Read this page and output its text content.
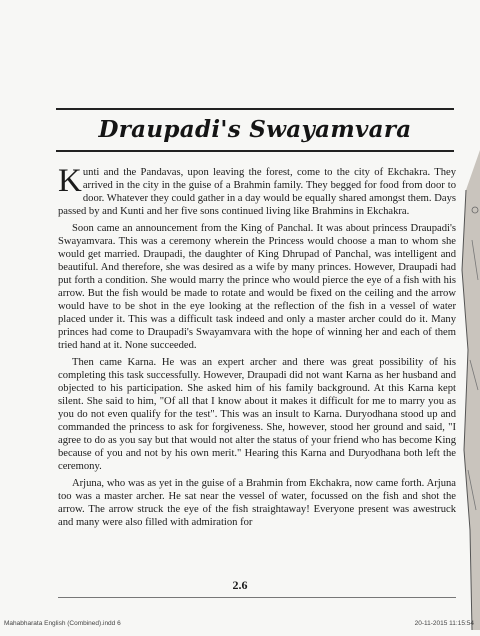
Draupadi's Swayamvara

Kunti and the Pandavas, upon leaving the forest, come to the city of Ekchakra. They arrived in the city in the guise of a Brahmin family. They begged for food from door to door. Whatever they could gather in a day would be equally shared amongst them. Days passed by and Kunti and her five sons continued living like Brahmins in Ekchakra.

Soon came an announcement from the King of Panchal. It was about princess Draupadi's Swayamvara. This was a ceremony wherein the Princess would choose a man to whom she would get married. Draupadi, the daughter of King Dhrupad of Panchal, was intelligent and beautiful. And therefore, she was desired as a wife by many princes. However, Draupadi had put forth a condition. She would marry the prince who would pierce the eye of a fish with his arrow. But the fish would be made to rotate and would be fixed on the ceiling and the arrow would have to be shot in the eye looking at the reflection of the fish in a vessel of water placed under it. This was a difficult task indeed and only a master archer could do it. Many princes had come to Draupadi's Swayamvara with the hope of winning her and each of them tried hand at it. None succeeded.

Then came Karna. He was an expert archer and there was great possibility of his completing this task successfully. However, Draupadi did not want Karna as her husband and objected to his participation. She asked him of his family background. At this Karna kept silent. She said to him, "Of all that I know about it makes it difficult for me to marry you as you do not even qualify for the test". This was an insult to Karna. Duryodhana stood up and commanded the princess to ask for forgiveness. She, however, stood her ground and said, "I agree to do as you say but that would not alter the status of your friend who has become King because of you and not by his own merit." Hearing this Karna and Duryodhana both left the ceremony.

Arjuna, who was as yet in the guise of a Brahmin from Ekchakra, now came forth. Arjuna too was a master archer. He sat near the vessel of water, focussed on the fish and shot the arrow. The arrow struck the eye of the fish straightaway! Everyone present was awestruck and many were also filled with admiration for

2.6
Mahabharata English (Combined).indd 6	20-11-2015 11:15:54
